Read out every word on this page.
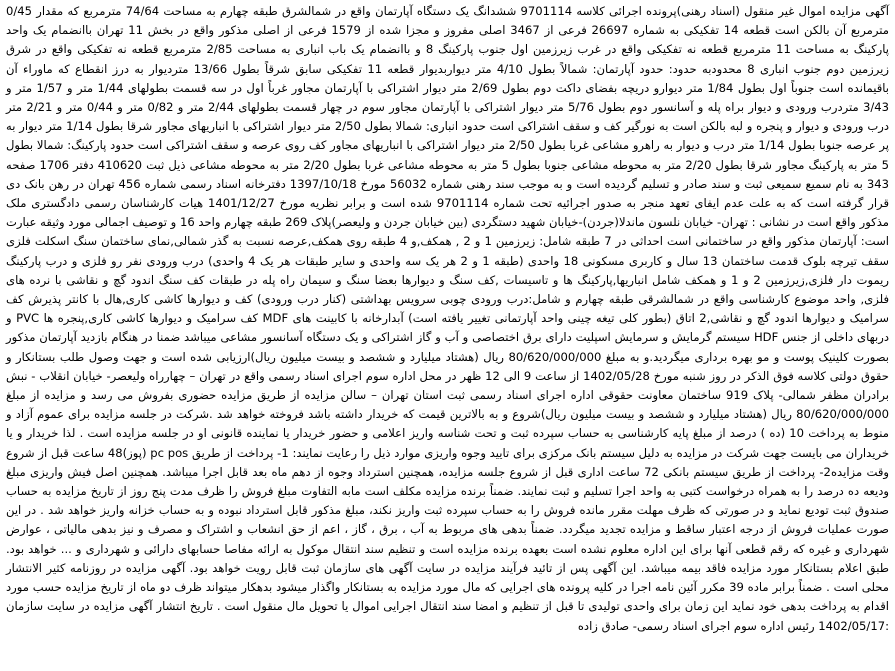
آگهی مزایده اموال غیر منقول (اسناد رهنی)پرونده اجرائی کلاسه 9701114 ششدانگ یک دستگاه آپارتمان واقع در شمالشرق طبقه چهارم به مساحت 74/64 مترمربع که مقدار 0/45 مترمربع آن بالکن است قطعه 14 تفکیکی به شماره 26697 فرعی از 3467 اصلی مفروز و مجزا شده از 1579 فرعی از اصلی مذکور واقع در بخش 11 تهران باانضمام یک واحد پارکینگ به مساحت 11 مترمربع قطعه نه تفکیکی واقع در غرب زیرزمین اول جنوب پارکینگ 8 و باانضمام یک باب انباری به مساحت 2/85 مترمربع قطعه نه تفکیکی واقع در شرق زیرزمین دوم جنوب انباری 8 محدودبه حدود: حدود آپارتمان: شمالاً بطول 4/10 متر دیواربدیوار قطعه 11 تفکیکی سابق شرقاً بطول 13/66 متردیوار به درز انقطاع که ماوراء آن باقیمانده است جنوباً اول بطول 1/84 متر دیوارو دریچه بفضای داکت دوم بطول 2/69 متر دیوار اشتراکی با آپارتمان مجاور غرباً اول در سه قسمت بطولهای 1/44 متر و 1/57 متر و 3/43 متردرب ورودی و دیوار براه پله و آسانسور دوم بطول 5/76 متر دیوار اشتراکی با آپارتمان مجاور سوم در چهار قسمت بطولهای 2/44 متر و 0/82 متر و 0/44 متر و 2/21 متر درب ورودی و دیوار و پنجره و لبه بالکن است به نورگیر کف و سقف اشتراکی است حدود انباری: شمالا بطول 2/50 متر دیوار اشتراکی با انباریهای مجاور شرقا بطول 1/14 متر دیوار به پر عرصه جنوبا بطول 1/14 متر درب و دیوار به راهرو مشاعی غربا بطول 2/50 متر دیوار اشتراکی با انباریهای مجاور کف روی عرصه و سقف اشتراکی است حدود پارکینگ: شمالا بطول 5 متر به پارکینگ مجاور شرقا بطول 2/20 متر به محوطه مشاعی جنوبا بطول 5 متر به محوطه مشاعی غربا بطول 2/20 متر به محوطه مشاعی ذیل ثبت 410620 دفتر 1706 صفحه 343 به نام سمیع سمیعی ثبت و سند صادر و تسلیم گردیده است و به موجب سند رهنی شماره 56032 مورخ 1397/10/18 دفترخانه اسناد رسمی شماره 456 تهران در رهن بانک دی قرار گرفته است که به علت عدم ایفای تعهد منجر به صدور اجرائیه تحت شماره 9701114 شده است و برابر نظریه مورخ 1401/12/27 هیات کارشناسان رسمی دادگستری ملک مذکور واقع است در نشانی : تهران- خیابان نلسون ماندلا(جردن)-خیابان شهید دستگردی (بین خیابان جردن و ولیعصر)پلاک 269 طبقه چهارم واحد 16 و توصیف اجمالی مورد وثیقه عبارت است: آپارتمان مذکور واقع در ساختمانی است احداثی در 7 طبقه شامل: زیرزمین 1 و 2 , همکف,و 4 طبقه روی همکف,عرصه نسبت به گذر شمالی,نمای ساختمان سنگ اسکلت فلزی سقف تیرچه بلوک قدمت ساختمان 13 سال و کاربری مسکونی 18 واحدی (طبقه 1 و 2 هر یک سه واحدی و سایر طبقات هر یک 4 واحدی) درب ورودی نفر رو فلزی و درب پارکینگ ریموت دار فلزی,زیرزمین 2 و 1 و همکف شامل انباریها,پارکینگ ها و تاسیسات ,کف سنگ و دیوارها بعضا سنگ و سیمان راه پله در طبقات کف سنگ اندود گچ و نقاشی با نرده های فلزی, واحد موضوع کارشناسی واقع در شمالشرقی طبقه چهارم و شامل:درب ورودی چوبی سرویس بهداشتی (کنار درب ورودی) کف و دیوارها کاشی کاری,هال با کانتر پذیرش کف سرامیک و دیوارها اندود گچ و نقاشی,2 اتاق (بطور کلی تیغه چینی واحد آپارتمانی تغییر یافته است) آبدارخانه با کابینت های MDF کف سرامیک و دیوارها کاشی کاری,پنجره ها PVC و دربهای داخلی از جنس HDF سیستم گرمایش و سرمایش اسپلیت دارای برق اختصاصی و آب و گاز اشتراکی و یک دستگاه آسانسور مشاعی میباشد ضمنا در هنگام بازدید آپارتمان مذکور بصورت کلینیک پوست و مو بهره برداری میگردید.و به مبلغ 80/620/000/000 ریال (هشتاد میلیارد و ششصد و بیست میلیون ریال)ارزیابی شده است و جهت وصول طلب بستانکار و حقوق دولتی کلاسه فوق الذکر در روز شنبه مورخ 1402/05/28 از ساعت 9 الی 12 ظهر در محل اداره سوم اجرای اسناد رسمی واقع در تهران – چهارراه ولیعصر- خیابان انقلاب - نبش برادران مظفر شمالی- پلاک 919 ساختمان معاونت حقوقی اداره اجرای اسناد رسمی ثبت استان تهران – سالن مزایده از طریق مزایده حضوری بفروش می رسد و مزایده از مبلغ 80/620/000/000 ریال (هشتاد میلیارد و ششصد و بیست میلیون ریال)شروع و به بالاترین قیمت که خریدار داشته باشد فروخته خواهد شد .شرکت در جلسه مزایده برای عموم آزاد و منوط به پرداخت 10 (ده ) درصد از مبلغ پایه کارشناسی به حساب سپرده ثبت و تحت شناسه واریز اعلامی و حضور خریدار یا نماینده قانونی او در جلسه مزایده است . لذا خریدار و یا خریداران می بایست جهت شرکت در مزایده به دلیل سیستم بانک مرکزی برای تایید وجوه واریزی موارد ذیل را رعایت نمایند: 1- پرداخت از طریق pc pos (پوز)48 ساعت قبل از شروع وقت مزایده2- پرداخت از طریق سیستم بانکی 72 ساعت اداری قبل از شروع جلسه مزایده، همچنین استرداد وجوه از دهم ماه بعد قابل اجرا میباشد. همچنین اصل فیش واریزی مبلغ ودیعه ده درصد را به همراه درخواست کتبی به واحد اجرا تسلیم و ثبت نمایند. ضمناً برنده مزایده مکلف است مابه التفاوت مبلغ فروش را ظرف مدت پنج روز از تاریخ مزایده به حساب صندوق ثبت تودیع نماید و در صورتی که ظرف مهلت مقرر مانده فروش را به حساب سپرده ثبت واریز نکند، مبلغ مذکور قابل استرداد نبوده و به حساب خزانه واریز خواهد شد . در این صورت عملیات فروش از درجه اعتبار ساقط و مزایده تجدید میگردد. ضمناً بدهی های مربوط به آب ، برق ، گاز ، اعم از حق انشعاب و اشتراک و مصرف و نیز بدهی مالیاتی ، عوارض شهرداری و غیره که رقم قطعی آنها برای این اداره معلوم نشده است بعهده برنده مزایده است و تنظیم سند انتقال موکول به ارائه مفاصا حسابهای دارائی و شهرداری و ... خواهد بود. طبق اعلام بستانکار مورد مزایده فاقد بیمه میباشد. این آگهی پس از تائید فرآیند مزایده در سایت آگهی های سازمان ثبت قابل رویت خواهد بود. آگهی مزایده در روزنامه کثیر الانتشار محلی است . ضمناً برابر ماده 39 مکرر آئین نامه اجرا در کلیه پرونده های اجرایی که مال مورد مزایده به بستانکار واگذار میشود بدهکار میتواند ظرف دو ماه از تاریخ مزایده حسب مورد اقدام به پرداخت بدهی خود نماید این زمان برای واحدی تولیدی تا قبل از تنظیم و امضا سند انتقال اجرایی اموال یا تحویل مال منقول است . تاریخ انتشار آگهی مزایده در سایت سازمان :1402/05/17 رئیس اداره سوم اجرای اسناد رسمی- صادق زاده
